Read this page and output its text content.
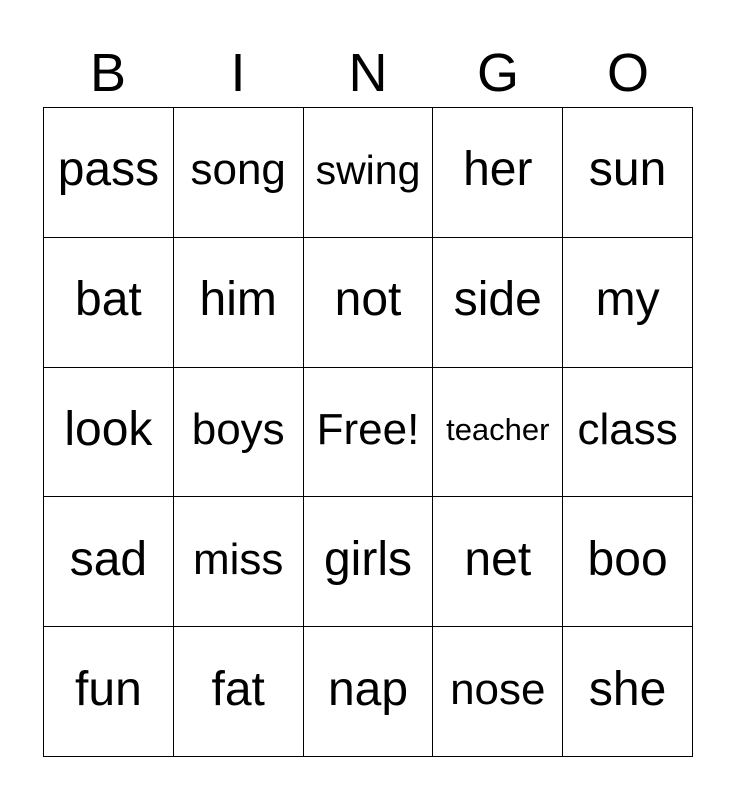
B	I	N	G	O
pass song swing her sun
bat him not side my
look boys Free! teacher class
sad miss girls net boo
fun fat nap nose she
